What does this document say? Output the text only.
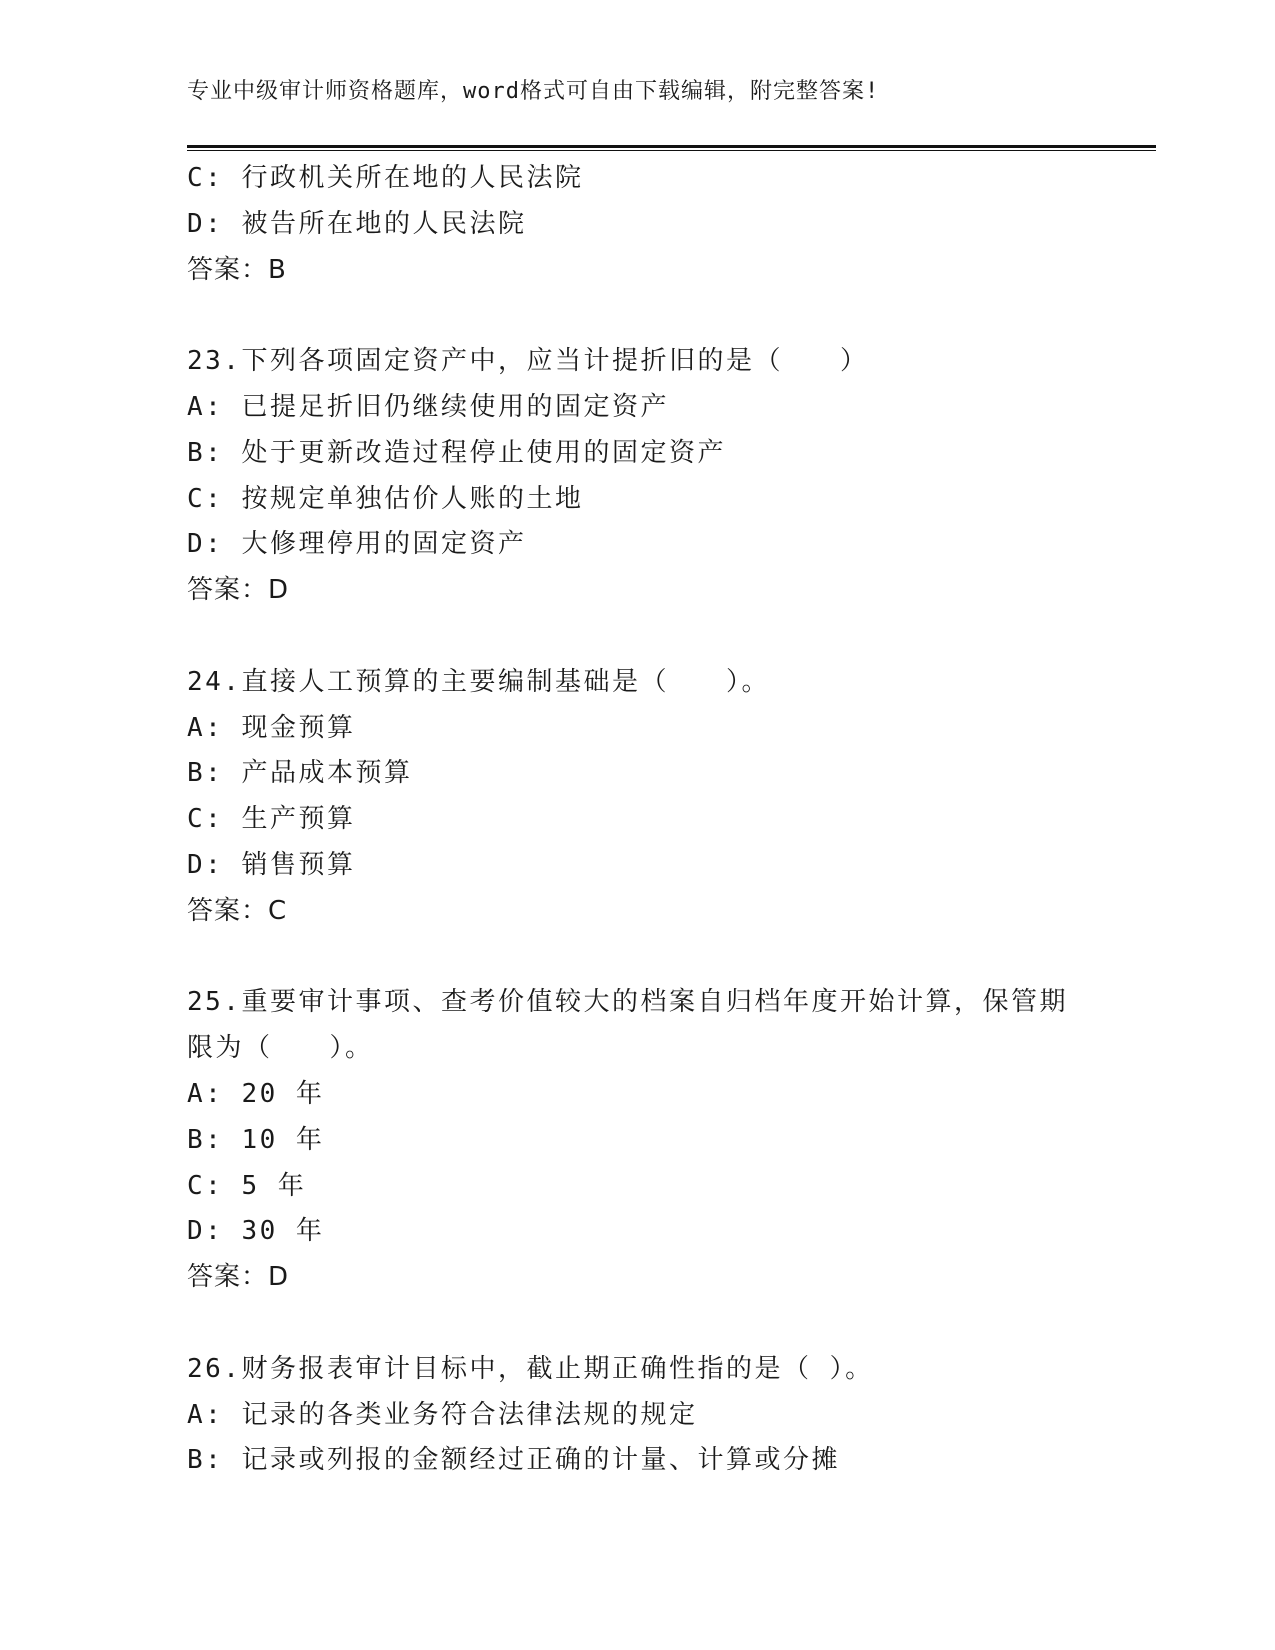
专业中级审计师资格题库，word格式可自由下载编辑，附完整答案!
C: 行政机关所在地的人民法院
D: 被告所在地的人民法院
答案：B
23.下列各项固定资产中，应当计提折旧的是（　　）
A: 已提足折旧仍继续使用的固定资产
B: 处于更新改造过程停止使用的固定资产
C: 按规定单独估价人账的土地
D: 大修理停用的固定资产
答案：D
24.直接人工预算的主要编制基础是（　　）。
A: 现金预算
B: 产品成本预算
C: 生产预算
D: 销售预算
答案：C
25.重要审计事项、查考价值较大的档案自归档年度开始计算，保管期
限为（　　）。
A: 20 年
B: 10 年
C: 5 年
D: 30 年
答案：D
26.财务报表审计目标中，截止期正确性指的是（ ）。
A: 记录的各类业务符合法律法规的规定
B: 记录或列报的金额经过正确的计量、计算或分摊
